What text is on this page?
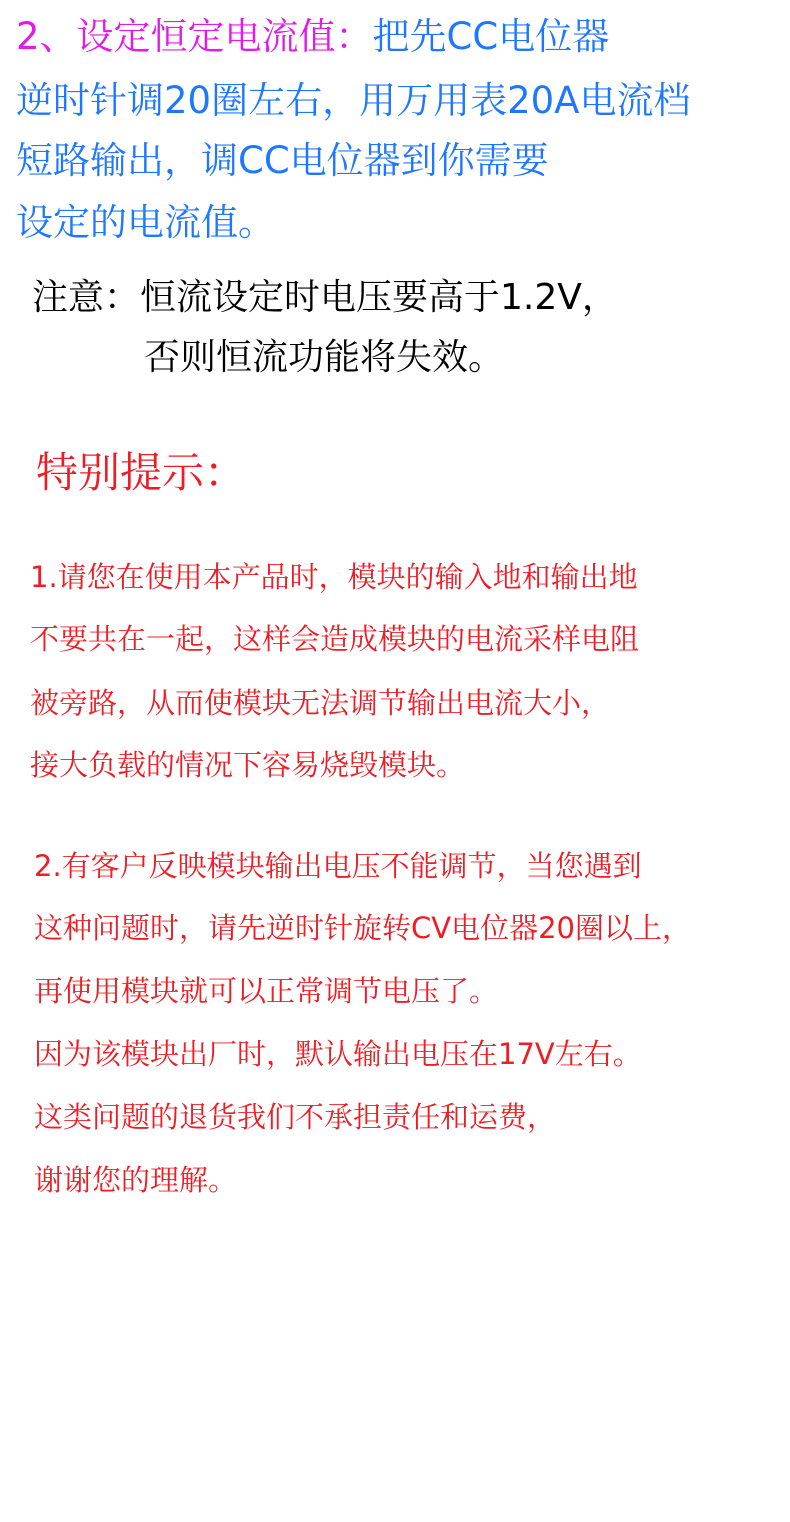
2、设定恒定电流值：把先CC电位器
逆时针调20圈左右，用万用表20A电流档
短路输出，调CC电位器到你需要
设定的电流值。
注意：恒流设定时电压要高于1.2V，
否则恒流功能将失效。
特别提示：
1.请您在使用本产品时，模块的输入地和输出地
不要共在一起，这样会造成模块的电流采样电阻
被旁路，从而使模块无法调节输出电流大小，
接大负载的情况下容易烧毁模块。
2.有客户反映模块输出电压不能调节，当您遇到
这种问题时，请先逆时针旋转CV电位器20圈以上，
再使用模块就可以正常调节电压了。
因为该模块出厂时，默认输出电压在17V左右。
这类问题的退货我们不承担责任和运费，
谢谢您的理解。
